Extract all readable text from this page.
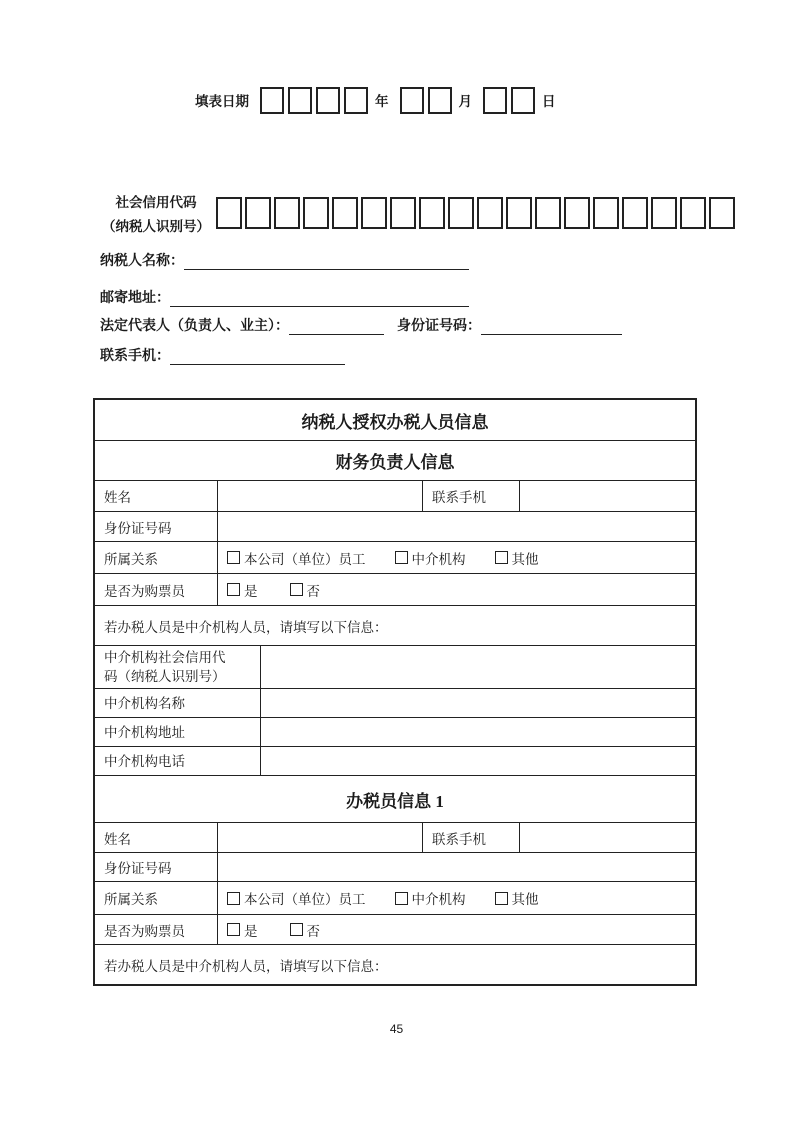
填表日期	年	月	日
社会信用代码
（纳税人识别号）
纳税人名称：
邮寄地址：
法定代表人（负责人、业主）：	身份证号码：
联系手机：
纳税人授权办税人员信息
财务负责人信息
姓名	联系手机
身份证号码
所属关系	本公司（单位）员工	中介机构	其他
是否为购票员	是	否
若办税人员是中介机构人员，请填写以下信息：
中介机构社会信用代
码（纳税人识别号）
中介机构名称
中介机构地址
中介机构电话
办税员信息 1
姓名	联系手机
身份证号码
所属关系	本公司（单位）员工	中介机构	其他
是否为购票员	是	否
若办税人员是中介机构人员，请填写以下信息：
45
